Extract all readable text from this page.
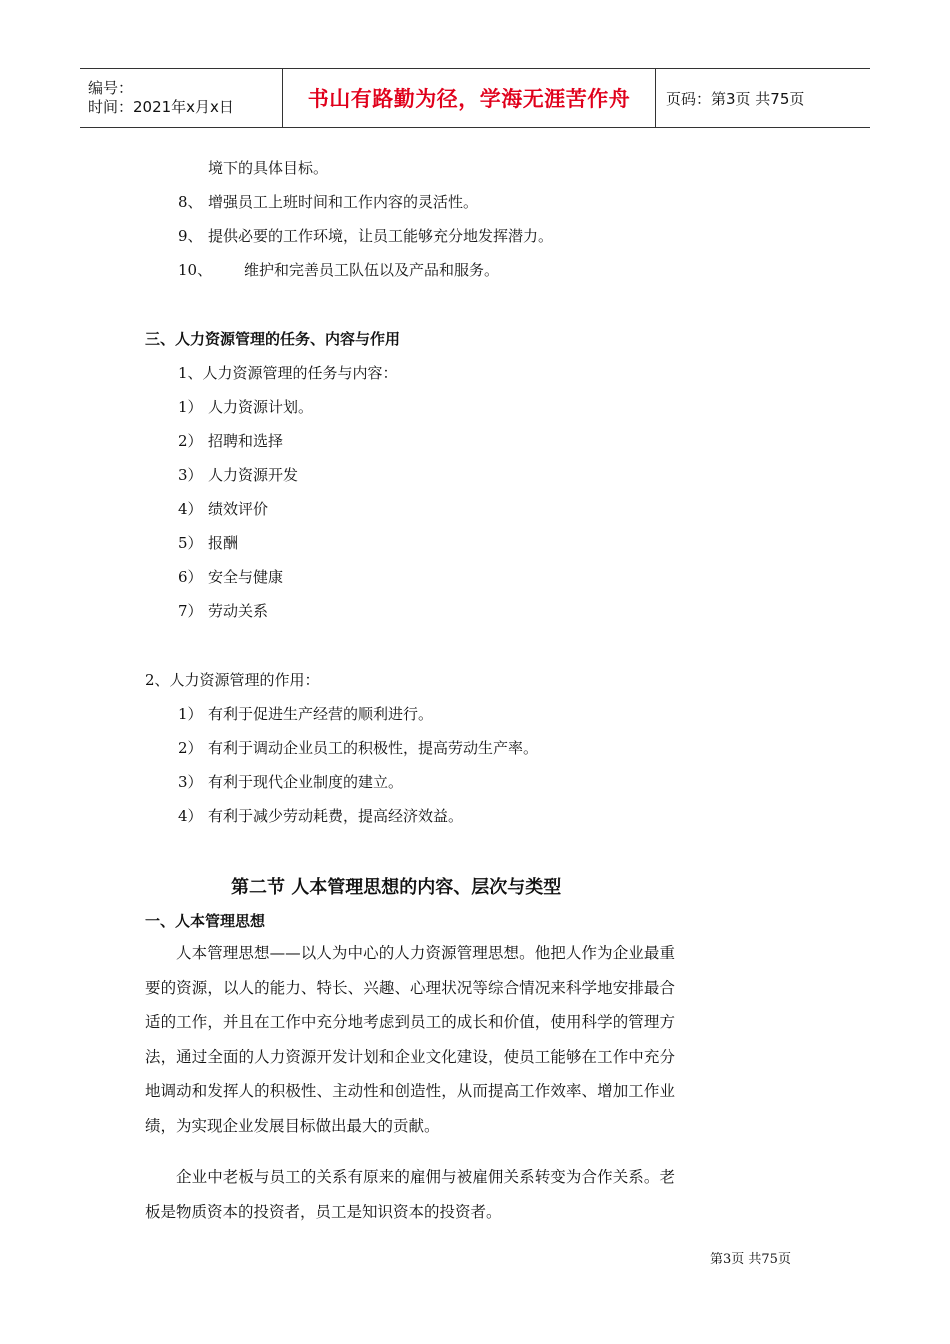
编号：
时间：2021年x月x日	书山有路勤为径，学海无涯苦作舟 页码：第3页 共75页
境下的具体目标。
8、 增强员工上班时间和工作内容的灵活性。
9、 提供必要的工作环境，让员工能够充分地发挥潜力。
10、 维护和完善员工队伍以及产品和服务。
三、人力资源管理的任务、内容与作用
1、人力资源管理的任务与内容：
1） 人力资源计划。
2） 招聘和选择
3） 人力资源开发
4） 绩效评价
5） 报酬
6） 安全与健康
7） 劳动关系
2、人力资源管理的作用：
1） 有利于促进生产经营的顺利进行。
2） 有利于调动企业员工的积极性，提高劳动生产率。
3） 有利于现代企业制度的建立。
4） 有利于减少劳动耗费，提高经济效益。
第二节 人本管理思想的内容、层次与类型
一、人本管理思想
人本管理思想——以人为中心的人力资源管理思想。他把人作为企业最重要的资源，以人的能力、特长、兴趣、心理状况等综合情况来科学地安排最合适的工作，并且在工作中充分地考虑到员工的成长和价值，使用科学的管理方法，通过全面的人力资源开发计划和企业文化建设，使员工能够在工作中充分地调动和发挥人的积极性、主动性和创造性，从而提高工作效率、增加工作业绩，为实现企业发展目标做出最大的贡献。
企业中老板与员工的关系有原来的雇佣与被雇佣关系转变为合作关系。老板是物质资本的投资者，员工是知识资本的投资者。
第3页 共75页
